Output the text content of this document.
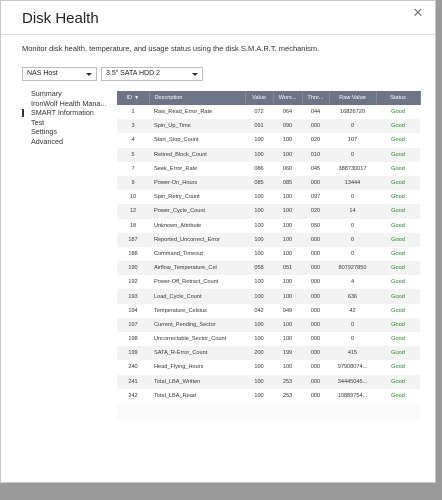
Disk Health	✕
Monitor disk health, temperature, and usage status using the disk S.M.A.R.T. mechanism.
NAS Host	3.5" SATA HDD 2
Summary
IronWolf Health Mana...
SMART Information
Test
Settings
Advanced
ID ▼	Description	Value	Wors...	Thre...	Raw Value	Status
1	Raw_Read_Error_Rate	072	064	044	16826720	Good
3	Spin_Up_Time	091	090	000	0	Good
4	Start_Stop_Count	100	100	020	107	Good
5	Retired_Block_Count	100	100	010	0	Good
7	Seek_Error_Rate	086	060	045	388730017	Good
9	Power-On_Hours	085	085	000	13444	Good
10	Spin_Retry_Count	100	100	097	0	Good
12	Power_Cycle_Count	100	100	020	14	Good
18	Unknown_Attribute	100	100	050	0	Good
187	Reported_Uncorrect_Error	100	100	000	0	Good
188	Command_Timeout	100	100	000	0	Good
190	Airflow_Temperature_Cel	058	051	000	807927850	Good
192	Power-Off_Retract_Count	100	100	000	4	Good
193	Load_Cycle_Count	100	100	000	636	Good
194	Temperature_Celsius	042	049	000	42	Good
197	Current_Pending_Sector	100	100	000	0	Good
198	Uncorrectable_Sector_Count	100	100	000	0	Good
199	SATA_R-Error_Count	200	199	000	415	Good
240	Head_Flying_Hours	100	100	000	97908074...	Good
241	Total_LBA_Written	100	253	000	34445045...	Good
242	Total_LBA_Read	100	253	000	10889754...	Good
